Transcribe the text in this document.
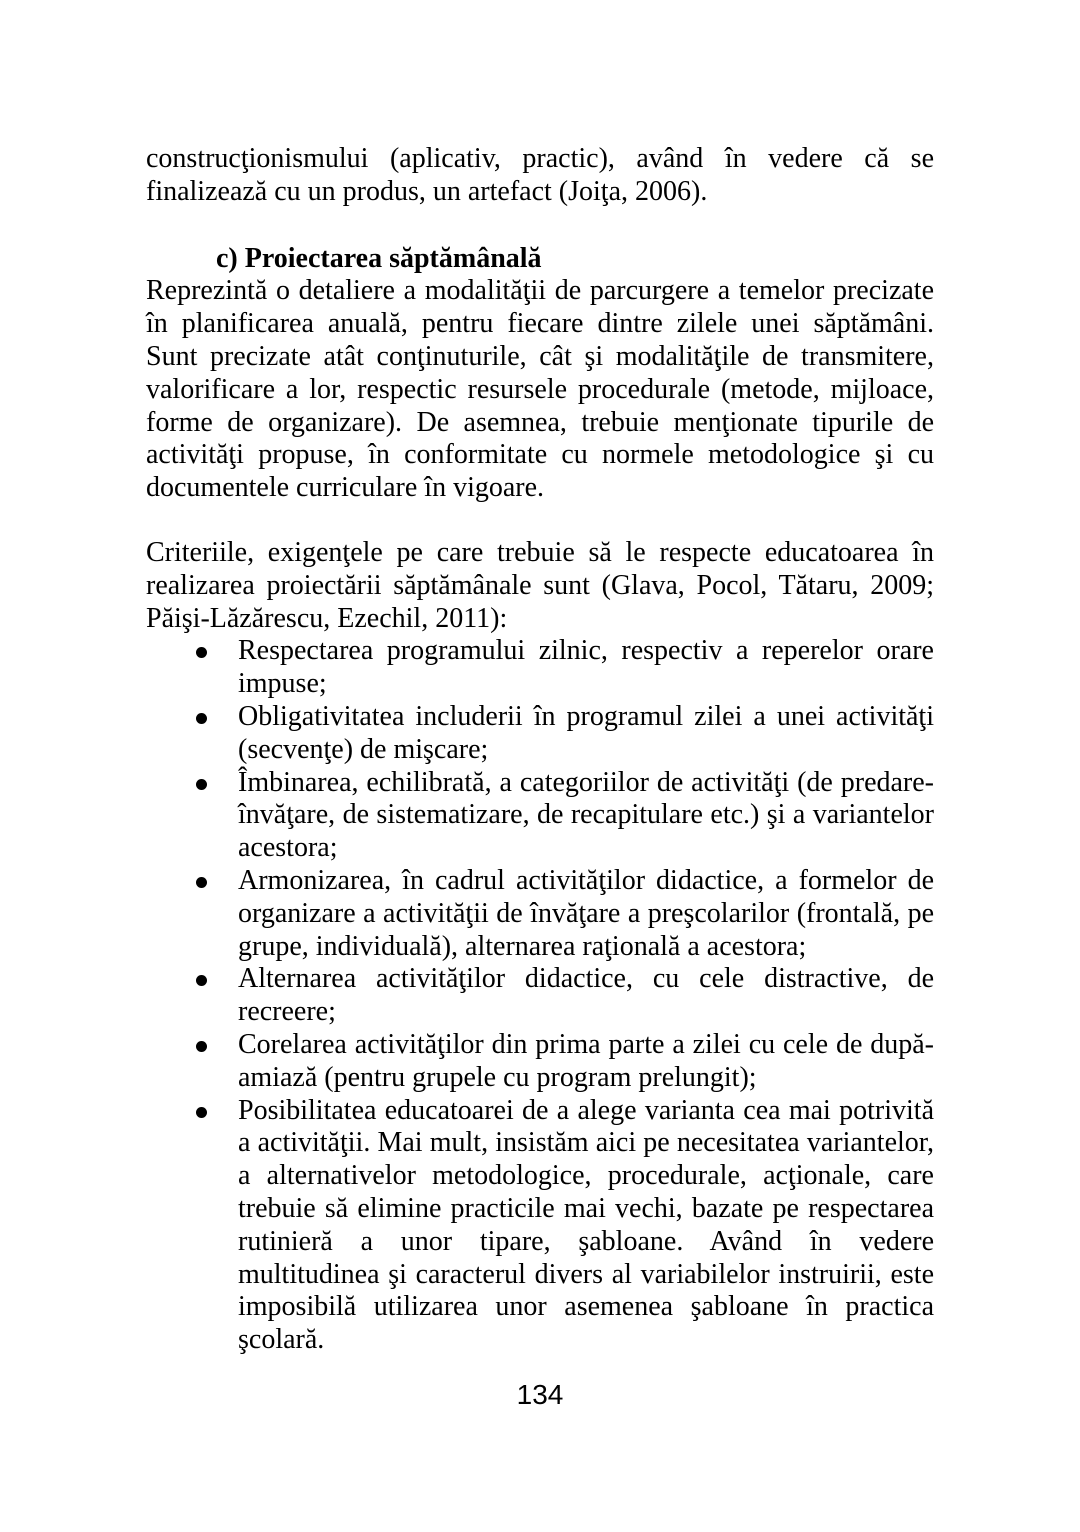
construcţionismului (aplicativ, practic), având în vedere că se finalizează cu un produs, un artefact (Joiţa, 2006).

c) Proiectarea săptămânală

Reprezintă o detaliere a modalităţii de parcurgere a temelor precizate în planificarea anuală, pentru fiecare dintre zilele unei săptămâni. Sunt precizate atât conţinuturile, cât şi modalităţile de transmitere, valorificare a lor, respectic resursele procedurale (metode, mijloace, forme de organizare). De asemnea, trebuie menţionate tipurile de activităţi propuse, în conformitate cu normele metodologice şi cu documentele curriculare în vigoare.

Criteriile, exigenţele pe care trebuie să le respecte educatoarea în realizarea proiectării săptămânale sunt (Glava, Pocol, Tătaru, 2009; Păişi-Lăzărescu, Ezechil, 2011):

Respectarea programului zilnic, respectiv a reperelor orare impuse;
Obligativitatea includerii în programul zilei a unei activităţi (secvenţe) de mişcare;
Îmbinarea, echilibrată, a categoriilor de activităţi (de predare-învăţare, de sistematizare, de recapitulare etc.) şi a variantelor acestora;
Armonizarea, în cadrul activităţilor didactice, a formelor de organizare a activităţii de învăţare a preşcolarilor (frontală, pe grupe, individuală), alternarea raţională a acestora;
Alternarea activităţilor didactice, cu cele distractive, de recreere;
Corelarea activităţilor din prima parte a zilei cu cele de după-amiază (pentru grupele cu program prelungit);
Posibilitatea educatoarei de a alege varianta cea mai potrivită a activităţii. Mai mult, insistăm aici pe necesitatea variantelor, a alternativelor metodologice, procedurale, acţionale, care trebuie să elimine practicile mai vechi, bazate pe respectarea rutinieră a unor tipare, şabloane. Având în vedere multitudinea şi caracterul divers al variabilelor instruirii, este imposibilă utilizarea unor asemenea şabloane în practica şcolară.
134
